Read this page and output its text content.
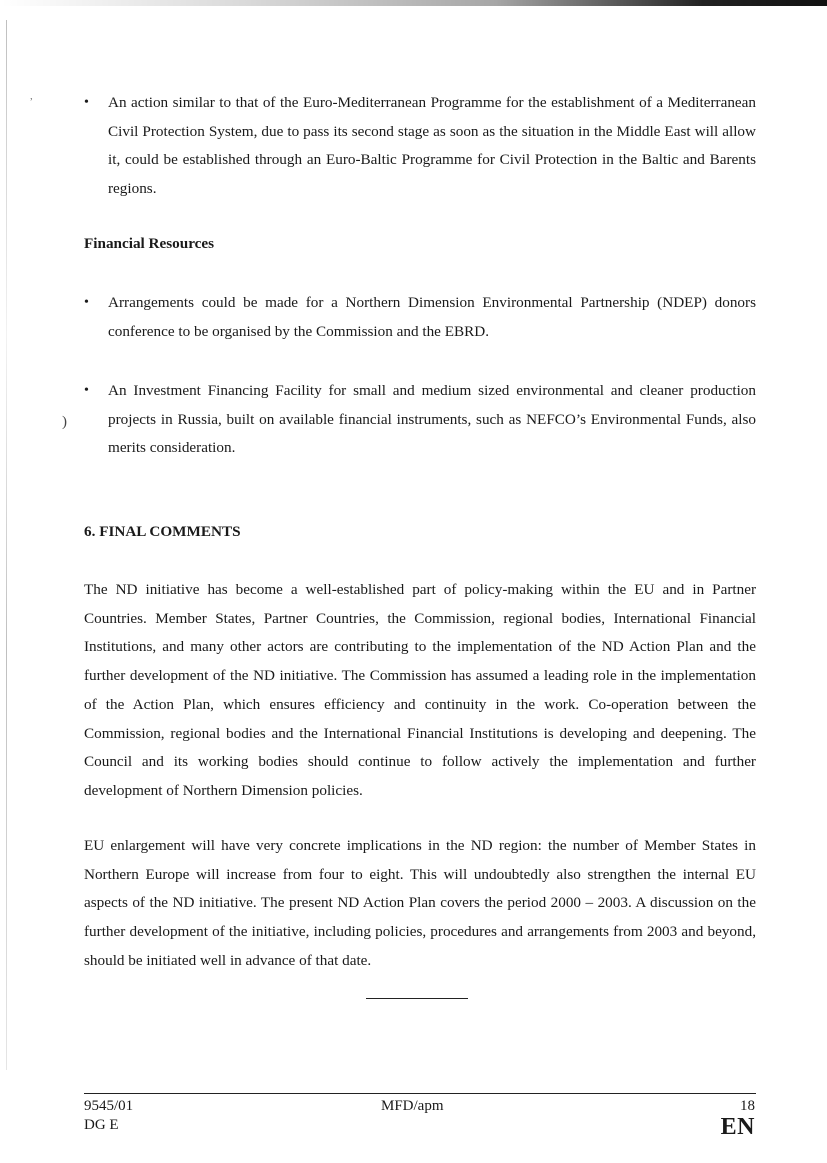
,
)
•	An action similar to that of the Euro-Mediterranean Programme for the establishment of a Mediterranean Civil Protection System, due to pass its second stage as soon as the situation in the Middle East will allow it, could be established through an Euro-Baltic Programme for Civil Protection in the Baltic and Barents regions.

Financial Resources
•	Arrangements could be made for a Northern Dimension Environmental Partnership (NDEP) donors conference to be organised by the Commission and the EBRD.

•	An Investment Financing Facility for small and medium sized environmental and cleaner production projects in Russia, built on available financial instruments, such as NEFCO’s Environmental Funds, also merits consideration.

6. FINAL COMMENTS

The ND initiative has become a well-established part of policy-making within the EU and in Partner Countries. Member States, Partner Countries, the Commission, regional bodies, International Financial Institutions, and many other actors are contributing to the implementation of the ND Action Plan and the further development of the ND initiative. The Commission has assumed a leading role in the implementation of the Action Plan, which ensures efficiency and continuity in the work. Co-operation between the Commission, regional bodies and the International Financial Institutions is developing and deepening. The Council and its working bodies should continue to follow actively the implementation and further development of Northern Dimension policies.

EU enlargement will have very concrete implications in the ND region: the number of Member States in Northern Europe will increase from four to eight. This will undoubtedly also strengthen the internal EU aspects of the ND initiative. The present ND Action Plan covers the period 2000 – 2003. A discussion on the further development of the initiative, including policies, procedures and arrangements from 2003 and beyond, should be initiated well in advance of that date.

9545/01
DG E
MFD/apm	18
EN
